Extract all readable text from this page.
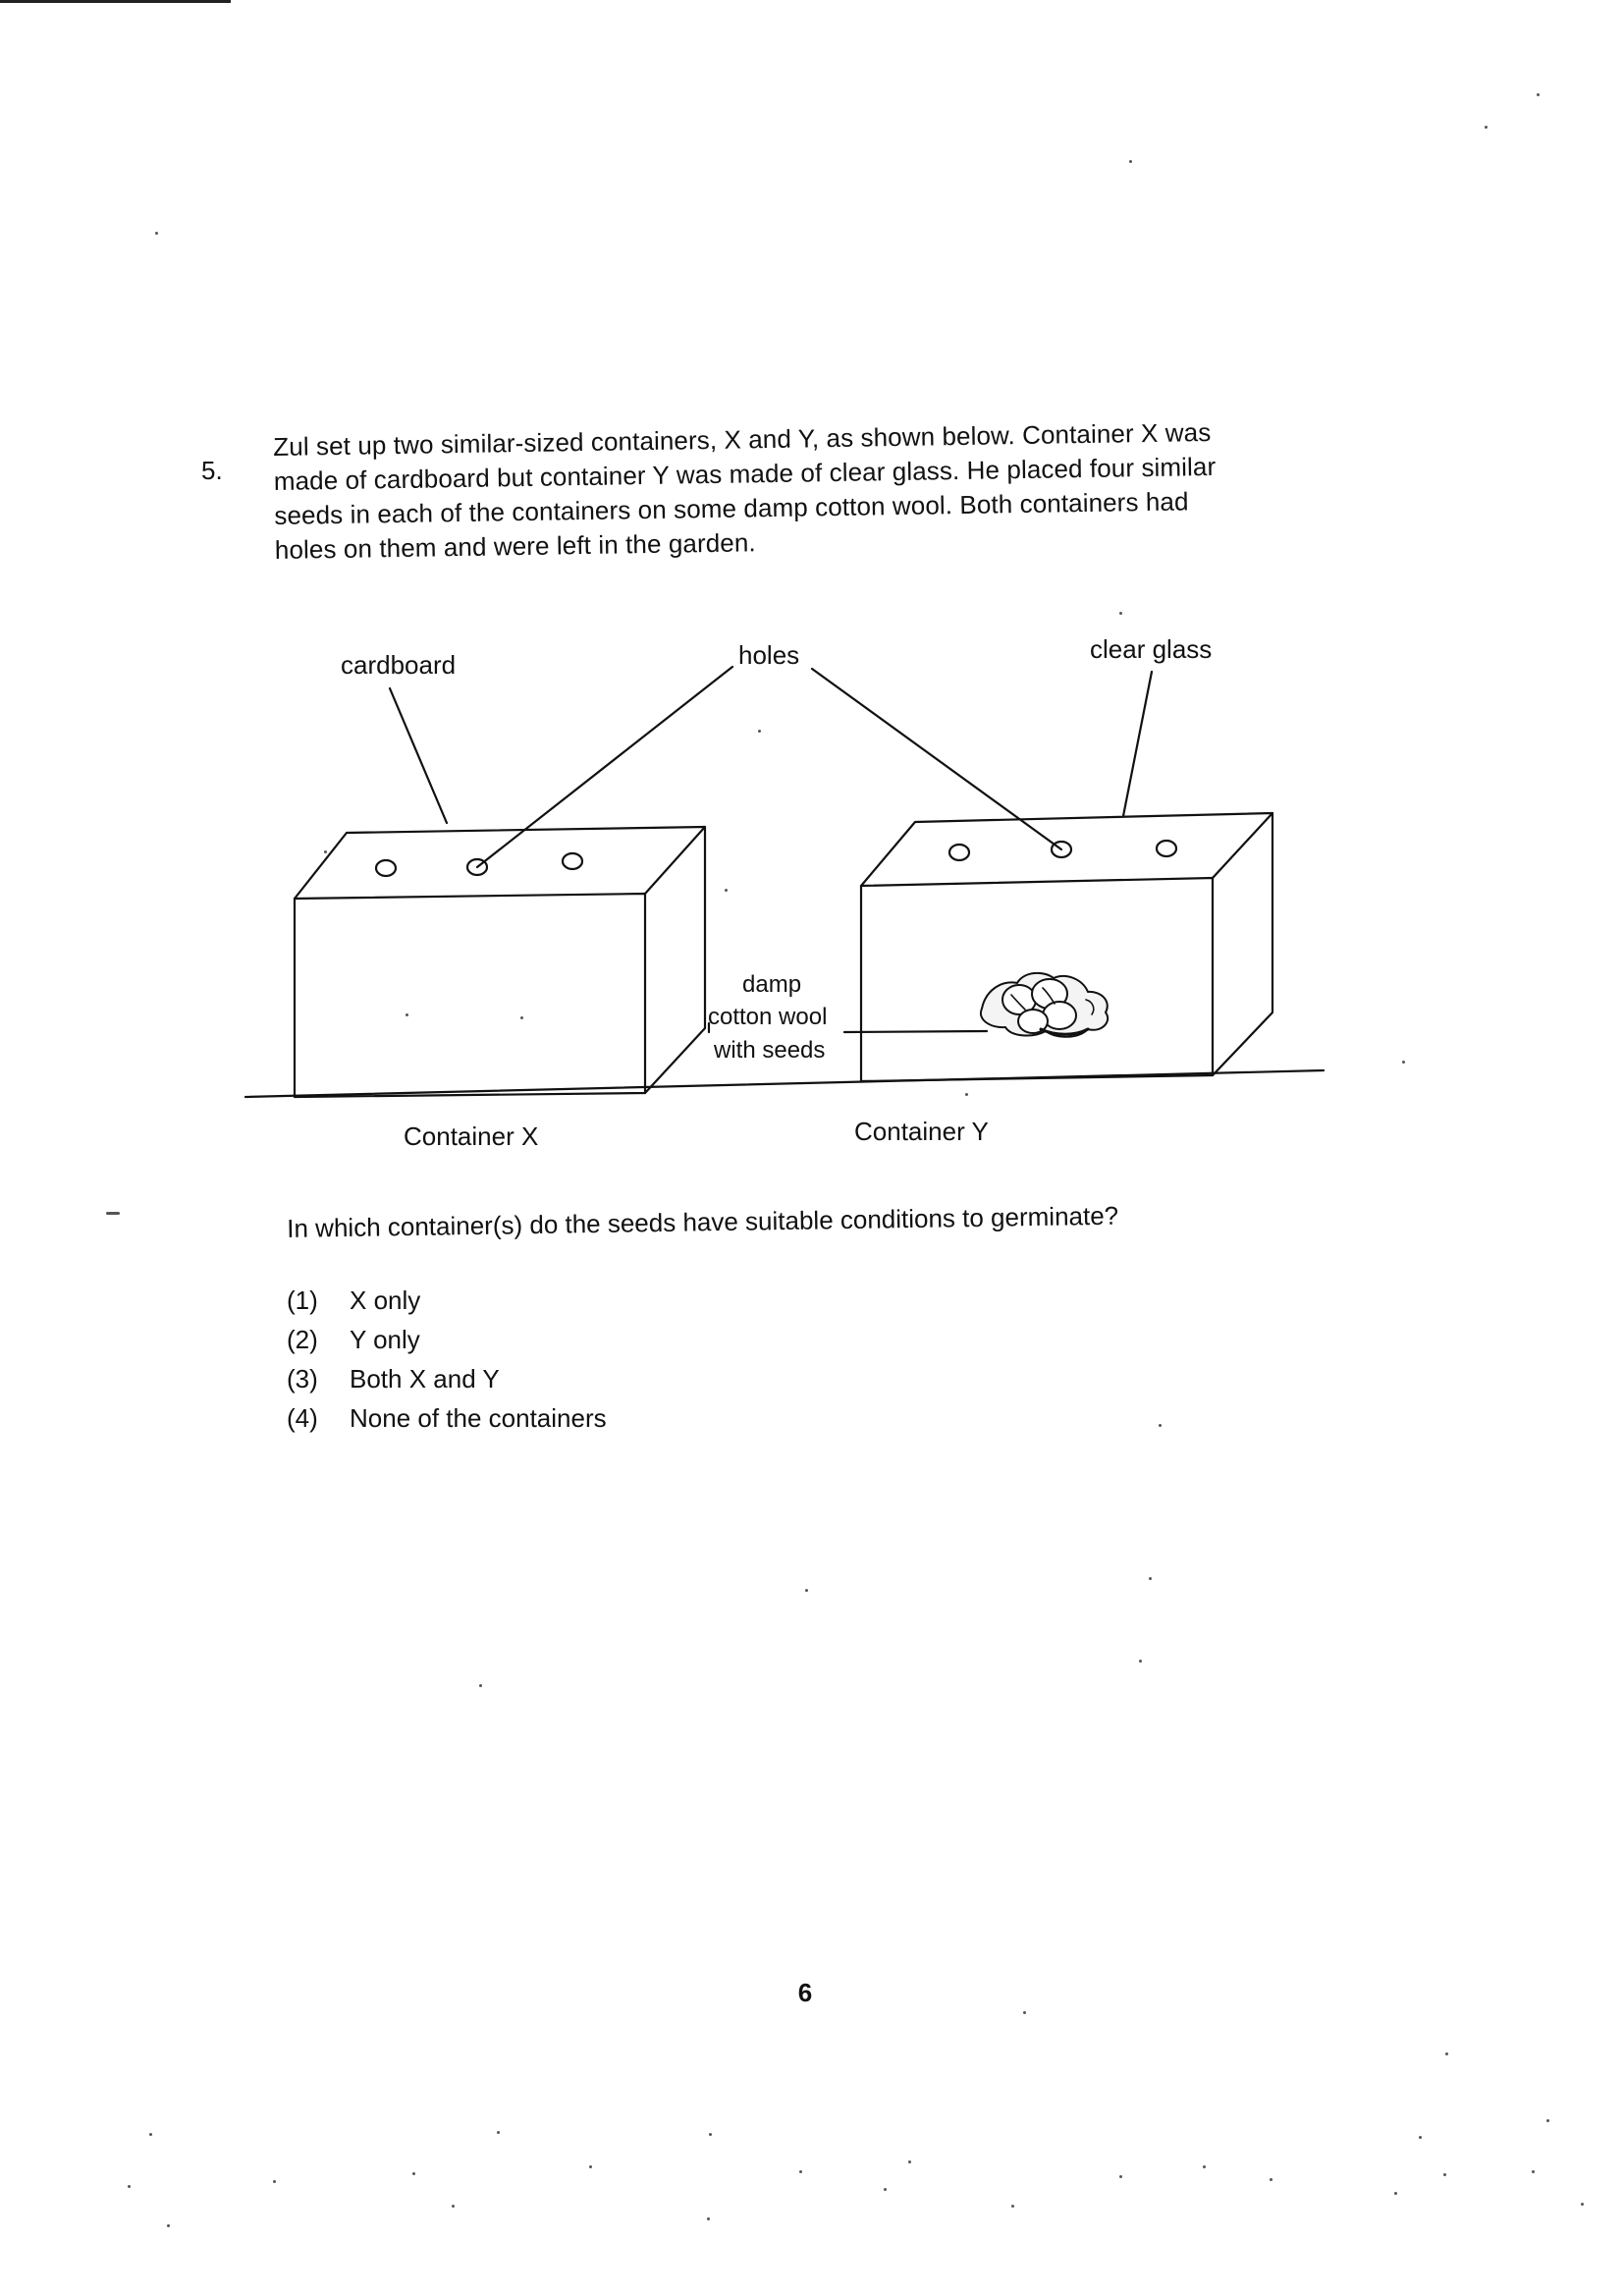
5.

Zul set up two similar-sized containers, X and Y, as shown below. Container X was

made of cardboard but container Y was made of clear glass. He placed four similar

seeds in each of the containers on some damp cotton wool. Both containers had

holes on them and were left in the garden.

cardboard	holes	clear glass
damp
cotton wool
with seeds
Container X	Container Y

In which container(s) do the seeds have suitable conditions to germinate?

(1)	X only
(2)	Y only
(3)	Both X and Y
(4)	None of the containers
6
